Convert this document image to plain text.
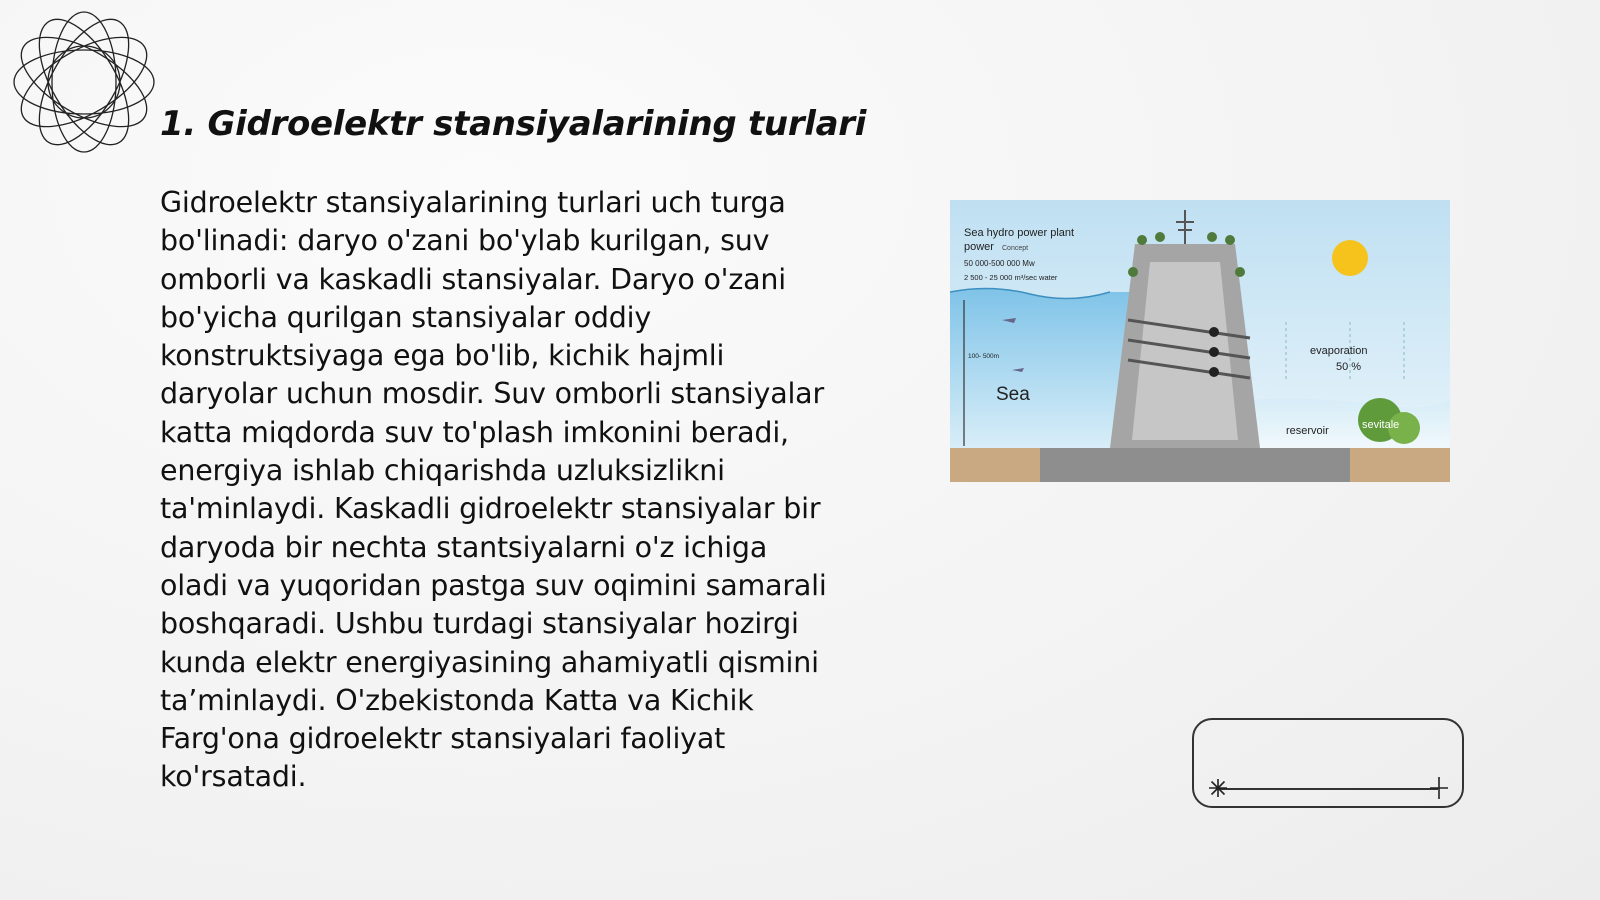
1. Gidroelektr stansiyalarining turlari

Gidroelektr stansiyalarining turlari uch turga bo'linadi: daryo o'zani bo'ylab kurilgan, suv omborli va kaskadli stansiyalar. Daryo o'zani bo'yicha qurilgan stansiyalar oddiy konstruktsiyaga ega bo'lib, kichik hajmli daryolar uchun mosdir. Suv omborli stansiyalar katta miqdorda suv to'plash imkonini beradi, energiya ishlab chiqarishda uzluksizlikni ta'minlaydi. Kaskadli gidroelektr stansiyalar bir daryoda bir nechta stantsiyalarni o'z ichiga oladi va yuqoridan pastga suv oqimini samarali boshqaradi. Ushbu turdagi stansiyalar hozirgi kunda elektr energiyasining ahamiyatli qismini ta’minlaydi. O'zbekistonda Katta va Kichik Farg'ona gidroelektr stansiyalari faoliyat ko'rsatadi.

Sea hydro power plant
power Concept
50 000-500 000 Mw
2 500 - 25 000 m³/sec water
100- 500m
Sea
evaporation
50 %
reservoir	sevitale
